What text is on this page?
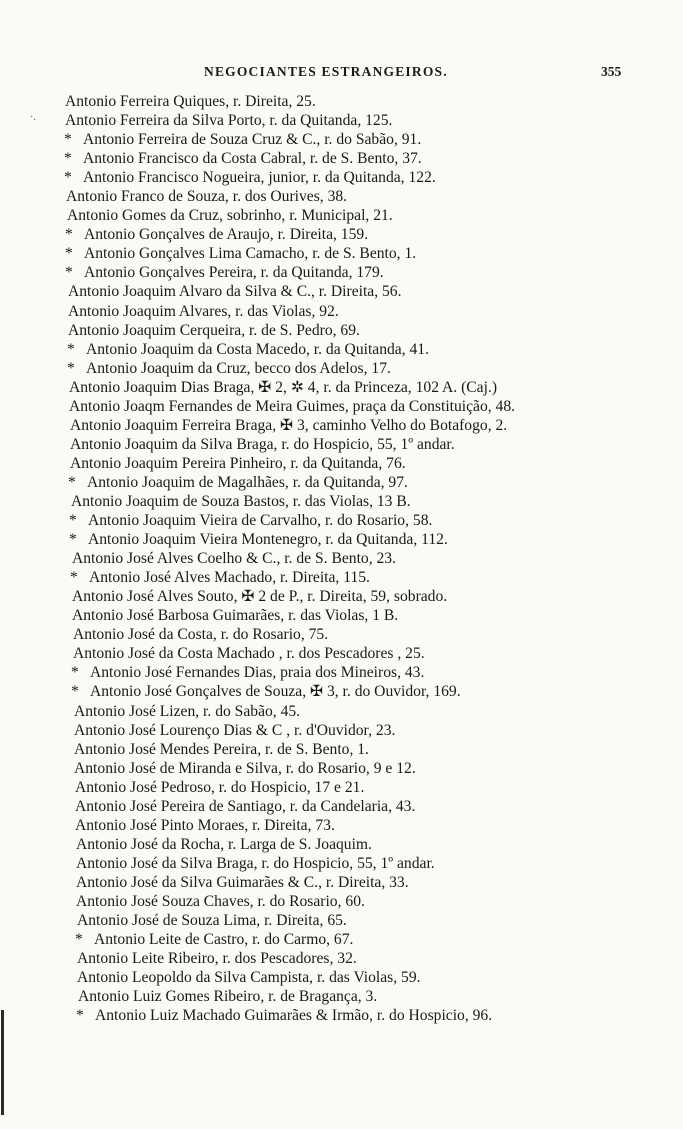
NEGOCIANTES ESTRANGEIROS.	355
·.
Antonio Ferreira Quiques, r. Direita, 25.
Antonio Ferreira da Silva Porto, r. da Quitanda, 125.
* Antonio Ferreira de Souza Cruz & C., r. do Sabão, 91.
* Antonio Francisco da Costa Cabral, r. de S. Bento, 37.
* Antonio Francisco Nogueira, junior, r. da Quitanda, 122.
Antonio Franco de Souza, r. dos Ourives, 38.
Antonio Gomes da Cruz, sobrinho, r. Municipal, 21.
* Antonio Gonçalves de Araujo, r. Direita, 159.
* Antonio Gonçalves Lima Camacho, r. de S. Bento, 1.
* Antonio Gonçalves Pereira, r. da Quitanda, 179.
Antonio Joaquim Alvaro da Silva & C., r. Direita, 56.
Antonio Joaquim Alvares, r. das Violas, 92.
Antonio Joaquim Cerqueira, r. de S. Pedro, 69.
* Antonio Joaquim da Costa Macedo, r. da Quitanda, 41.
* Antonio Joaquim da Cruz, becco dos Adelos, 17.
Antonio Joaquim Dias Braga, ✠ 2, ✲ 4, r. da Princeza, 102 A. (Caj.)
Antonio Joaqm Fernandes de Meira Guimes, praça da Constituição, 48.
Antonio Joaquim Ferreira Braga, ✠ 3, caminho Velho do Botafogo, 2.
Antonio Joaquim da Silva Braga, r. do Hospicio, 55, 1º andar.
Antonio Joaquim Pereira Pinheiro, r. da Quitanda, 76.
* Antonio Joaquim de Magalhães, r. da Quitanda, 97.
Antonio Joaquim de Souza Bastos, r. das Violas, 13 B.
* Antonio Joaquim Vieira de Carvalho, r. do Rosario, 58.
* Antonio Joaquim Vieira Montenegro, r. da Quitanda, 112.
Antonio José Alves Coelho & C., r. de S. Bento, 23.
* Antonio José Alves Machado, r. Direita, 115.
Antonio José Alves Souto, ✠ 2 de P., r. Direita, 59, sobrado.
Antonio José Barbosa Guimarães, r. das Violas, 1 B.
Antonio José da Costa, r. do Rosario, 75.
Antonio José da Costa Machado , r. dos Pescadores , 25.
* Antonio José Fernandes Dias, praia dos Mineiros, 43.
* Antonio José Gonçalves de Souza, ✠ 3, r. do Ouvidor, 169.
Antonio José Lizen, r. do Sabão, 45.
Antonio José Lourenço Dias & C , r. d'Ouvidor, 23.
Antonio José Mendes Pereira, r. de S. Bento, 1.
Antonio José de Miranda e Silva, r. do Rosario, 9 e 12.
Antonio José Pedroso, r. do Hospicio, 17 e 21.
Antonio José Pereira de Santiago, r. da Candelaria, 43.
Antonio José Pinto Moraes, r. Direita, 73.
Antonio José da Rocha, r. Larga de S. Joaquim.
Antonio José da Silva Braga, r. do Hospicio, 55, 1º andar.
Antonio José da Silva Guimarães & C., r. Direita, 33.
Antonio José Souza Chaves, r. do Rosario, 60.
Antonio José de Souza Lima, r. Direita, 65.
* Antonio Leite de Castro, r. do Carmo, 67.
Antonio Leite Ribeiro, r. dos Pescadores, 32.
Antonio Leopoldo da Silva Campista, r. das Violas, 59.
Antonio Luiz Gomes Ribeiro, r. de Bragança, 3.
* Antonio Luiz Machado Guimarães & Irmão, r. do Hospicio, 96.
